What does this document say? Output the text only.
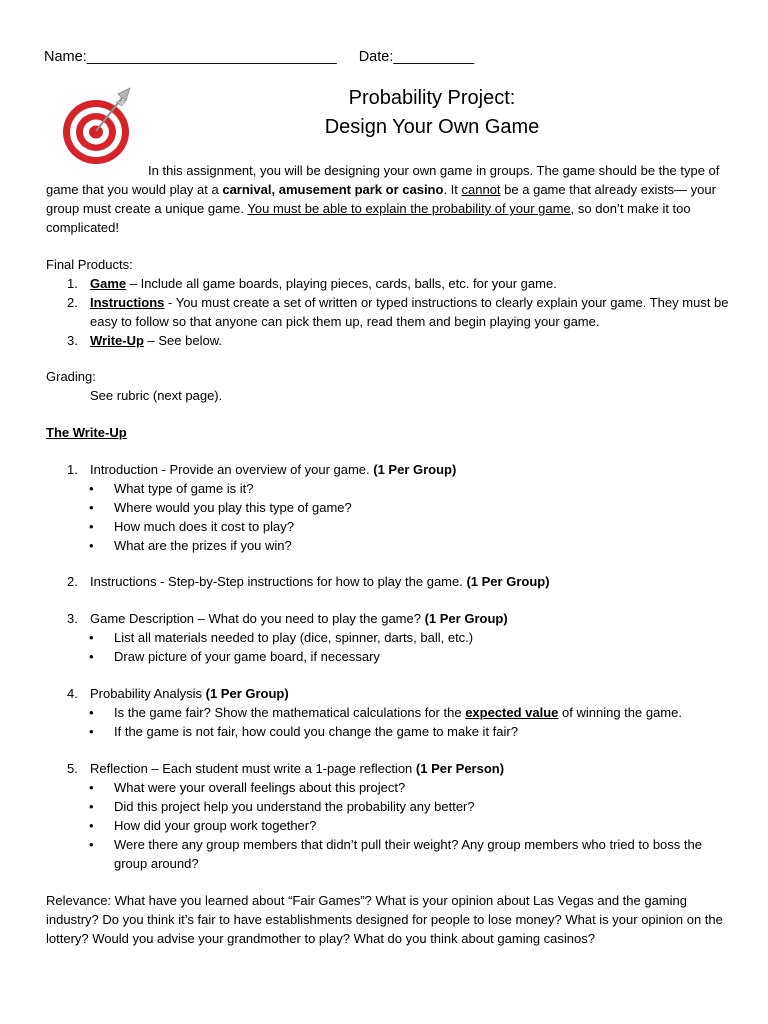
Name:_______________________________ Date:__________
Probability Project:
Design Your Own Game

In this assignment, you will be designing your own game in groups. The game should be the type of game that you would play at a carnival, amusement park or casino. It cannot be a game that already exists— your group must create a unique game. You must be able to explain the probability of your game, so don’t make it too complicated!

Final Products:

1. Game – Include all game boards, playing pieces, cards, balls, etc. for your game.
2. Instructions - You must create a set of written or typed instructions to clearly explain your game. They must be easy to follow so that anyone can pick them up, read them and begin playing your game.
3. Write-Up – See below.

Grading:

See rubric (next page).

The Write-Up

1. Introduction - Provide an overview of your game. (1 Per Group)
• What type of game is it?
• Where would you play this type of game?
• How much does it cost to play?
• What are the prizes if you win?
2. Instructions - Step-by-Step instructions for how to play the game. (1 Per Group)
3. Game Description – What do you need to play the game? (1 Per Group)
• List all materials needed to play (dice, spinner, darts, ball, etc.)
• Draw picture of your game board, if necessary
4. Probability Analysis (1 Per Group)
• Is the game fair? Show the mathematical calculations for the expected value of winning the game.
• If the game is not fair, how could you change the game to make it fair?
5. Reflection – Each student must write a 1-page reflection (1 Per Person)
• What were your overall feelings about this project?
• Did this project help you understand the probability any better?
• How did your group work together?
• Were there any group members that didn’t pull their weight? Any group members who tried to boss the group around?

Relevance: What have you learned about “Fair Games”? What is your opinion about Las Vegas and the gaming industry? Do you think it’s fair to have establishments designed for people to lose money? What is your opinion on the lottery? Would you advise your grandmother to play? What do you think about gaming casinos?
